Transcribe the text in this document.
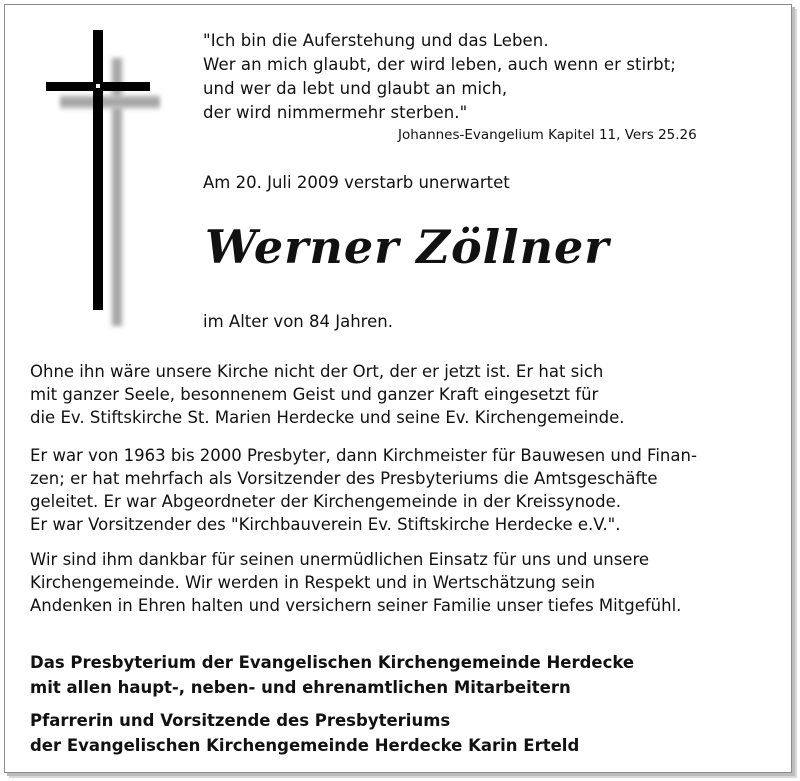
"Ich bin die Auferstehung und das Leben.
Wer an mich glaubt, der wird leben, auch wenn er stirbt;
und wer da lebt und glaubt an mich,
der wird nimmermehr sterben."
Johannes-Evangelium Kapitel 11, Vers 25.26
Am 20. Juli 2009 verstarb unerwartet
Werner Zöllner
im Alter von 84 Jahren.
Ohne ihn wäre unsere Kirche nicht der Ort, der er jetzt ist. Er hat sich
mit ganzer Seele, besonnenem Geist und ganzer Kraft eingesetzt für
die Ev. Stiftskirche St. Marien Herdecke und seine Ev. Kirchengemeinde.
Er war von 1963 bis 2000 Presbyter, dann Kirchmeister für Bauwesen und Finan-
zen; er hat mehrfach als Vorsitzender des Presbyteriums die Amtsgeschäfte
geleitet. Er war Abgeordneter der Kirchengemeinde in der Kreissynode.
Er war Vorsitzender des "Kirchbauverein Ev. Stiftskirche Herdecke e.V.".
Wir sind ihm dankbar für seinen unermüdlichen Einsatz für uns und unsere
Kirchengemeinde. Wir werden in Respekt und in Wertschätzung sein
Andenken in Ehren halten und versichern seiner Familie unser tiefes Mitgefühl.
Das Presbyterium der Evangelischen Kirchengemeinde Herdecke
mit allen haupt-, neben- und ehrenamtlichen Mitarbeitern
Pfarrerin und Vorsitzende des Presbyteriums
der Evangelischen Kirchengemeinde Herdecke Karin Erteld
